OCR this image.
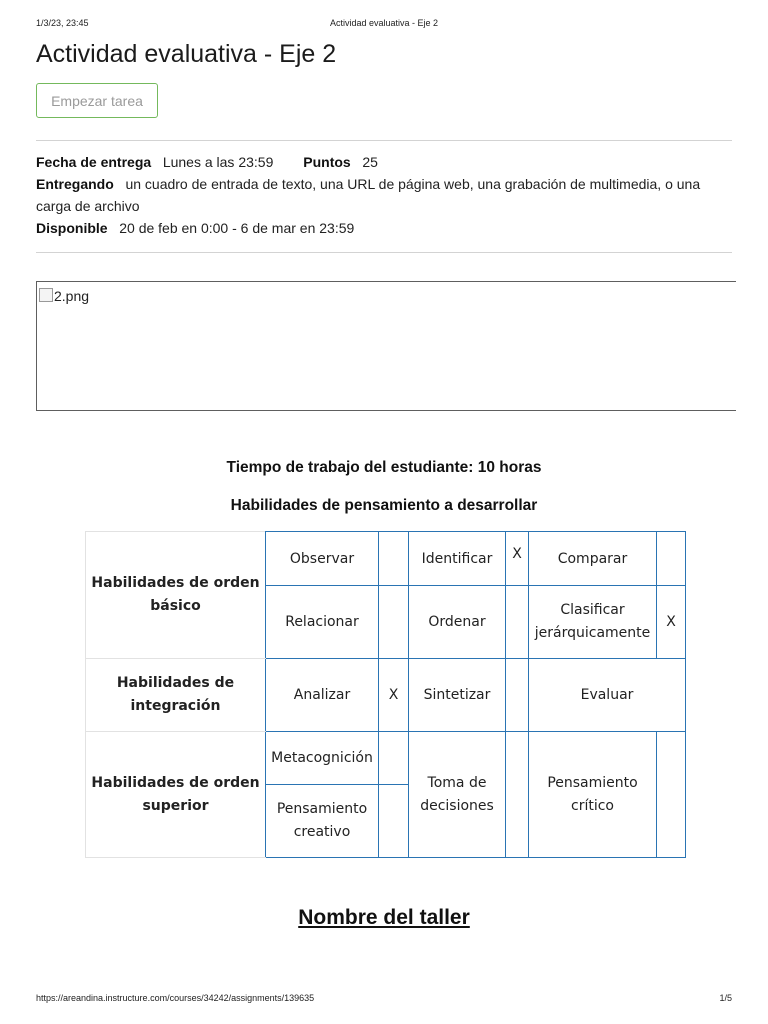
1/3/23, 23:45	Actividad evaluativa - Eje 2
Actividad evaluativa - Eje 2
Empezar tarea
Fecha de entrega Lunes a las 23:59 Puntos 25
Entregando un cuadro de entrada de texto, una URL de página web, una grabación de multimedia, o una carga de archivo
Disponible 20 de feb en 0:00 - 6 de mar en 23:59
2.png
Tiempo de trabajo del estudiante: 10 horas
Habilidades de pensamiento a desarrollar
Habilidades de orden básico	Observar		Identificar	X	Comparar	
	Relacionar		Ordenar		Clasificar jerárquicamente	X
Habilidades de integración	Analizar	X	Sintetizar		Evaluar	
Habilidades de orden superior	Metacognición		Toma de decisiones		Pensamiento crítico	
	Pensamiento creativo					
Nombre del taller
https://areandina.instructure.com/courses/34242/assignments/139635	1/5
